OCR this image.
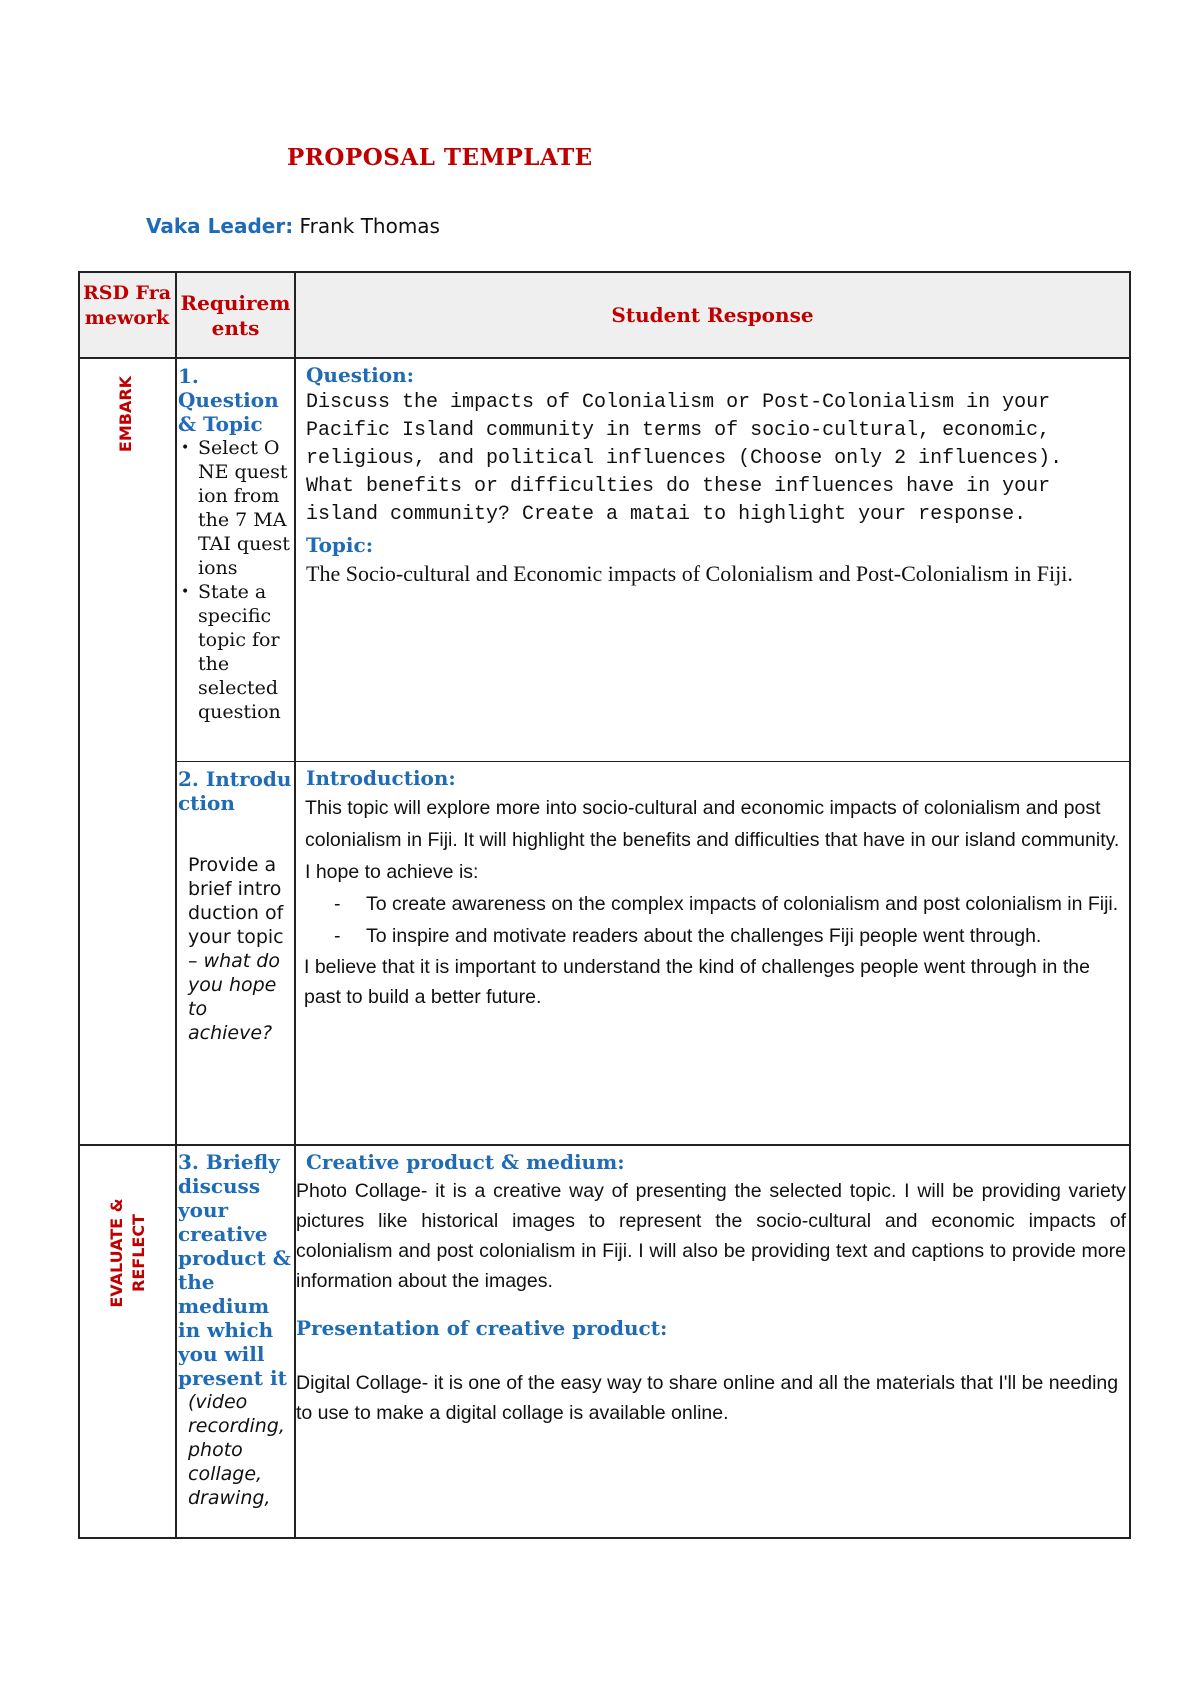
PROPOSAL TEMPLATE
Vaka Leader: Frank Thomas
RSD Framework
Requirements
Student Response
EMBARK
EVALUATE & REFLECT
1. Question & Topic
• Select ONE question from the 7 MATAI questions
• State a specific topic for the selected question
Question:
Discuss the impacts of Colonialism or Post-Colonialism in your Pacific Island community in terms of socio-cultural, economic, religious, and political influences (Choose only 2 influences). What benefits or difficulties do these influences have in your island community? Create a matai to highlight your response.
Topic:
The Socio-cultural and Economic impacts of Colonialism and Post-Colonialism in Fiji.
2. Introduction
Provide a brief introduction of your topic – what do you hope to achieve?
Introduction:
This topic will explore more into socio-cultural and economic impacts of colonialism and post colonialism in Fiji. It will highlight the benefits and difficulties that have in our island community.
I hope to achieve is:
- To create awareness on the complex impacts of colonialism and post colonialism in Fiji.
- To inspire and motivate readers about the challenges Fiji people went through.
I believe that it is important to understand the kind of challenges people went through in the past to build a better future.
3. Briefly discuss your creative product & the medium in which you will present it
(video recording, photo collage, drawing,
Creative product & medium:
Photo Collage- it is a creative way of presenting the selected topic. I will be providing variety pictures like historical images to represent the socio-cultural and economic impacts of colonialism and post colonialism in Fiji. I will also be providing text and captions to provide more information about the images.
Presentation of creative product:
Digital Collage- it is one of the easy way to share online and all the materials that I'll be needing to use to make a digital collage is available online.
